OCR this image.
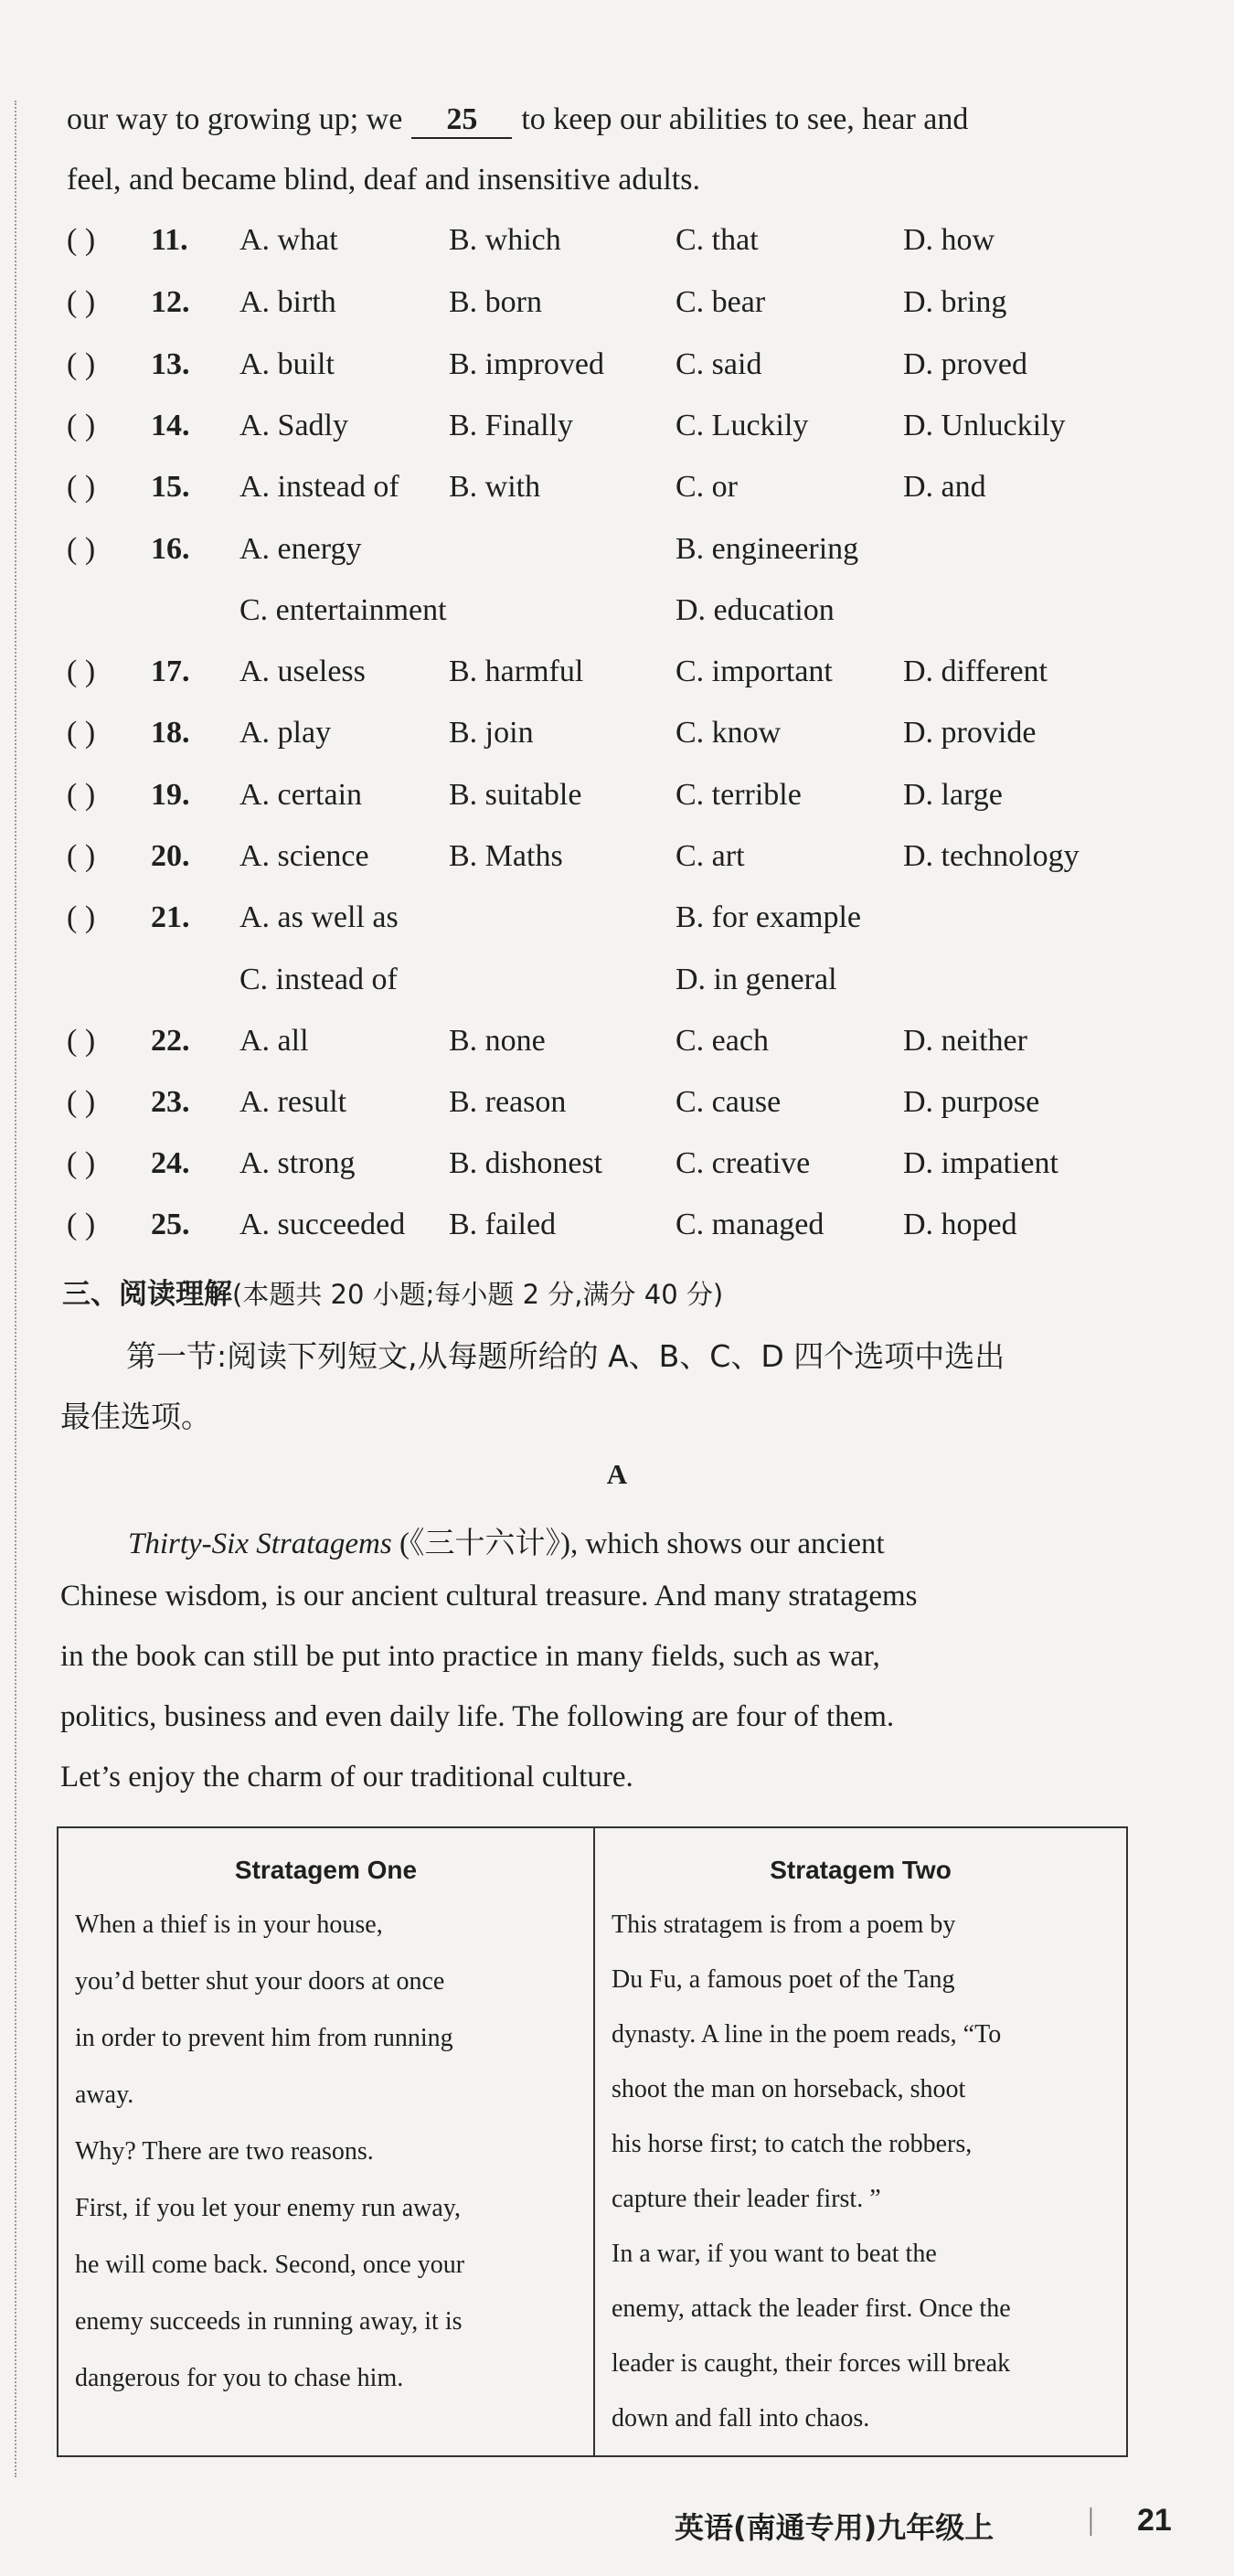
our way to growing up; we 25 to keep our abilities to see, hear and
feel, and became blind, deaf and insensitive adults.
( ) 11. A. what	B. which	C. that	D. how
( ) 12. A. birth	B. born	C. bear	D. bring
( ) 13. A. built	B. improved C. said	D. proved
( ) 14. A. Sadly	B. Finally	C. Luckily	D. Unluckily
( ) 15. A. instead of B. with	C. or	D. and
( ) 16. A. energy	B. engineering
C. entertainment	D. education
( ) 17. A. useless	B. harmful	C. important D. different
( ) 18. A. play	B. join	C. know	D. provide
( ) 19. A. certain	B. suitable	C. terrible	D. large
( ) 20. A. science	B. Maths	C. art	D. technology
( ) 21. A. as well as	B. for example
C. instead of	D. in general
( ) 22. A. all	B. none	C. each	D. neither
( ) 23. A. result	B. reason	C. cause	D. purpose
( ) 24. A. strong	B. dishonest C. creative	D. impatient
( ) 25. A. succeeded B. failed	C. managed	D. hoped
三、阅读理解(本题共 20 小题;每小题 2 分,满分 40 分)
第一节:阅读下列短文,从每题所给的 A、B、C、D 四个选项中选出
最佳选项。
A
Thirty-Six Stratagems (《三十六计》), which shows our ancient
Chinese wisdom, is our ancient cultural treasure. And many stratagems
in the book can still be put into practice in many fields, such as war,
politics, business and even daily life. The following are four of them.
Let’s enjoy the charm of our traditional culture.
Stratagem One
When a thief is in your house,
you’d better shut your doors at once
in order to prevent him from running
away.
Why? There are two reasons.
First, if you let your enemy run away,
he will come back. Second, once your
enemy succeeds in running away, it is
dangerous for you to chase him.
Stratagem Two
This stratagem is from a poem by
Du Fu, a famous poet of the Tang
dynasty. A line in the poem reads, “To
shoot the man on horseback, shoot
his horse first; to catch the robbers,
capture their leader first. ”
In a war, if you want to beat the
enemy, attack the leader first. Once the
leader is caught, their forces will break
down and fall into chaos.
英语(南通专用)九年级上	| 21
